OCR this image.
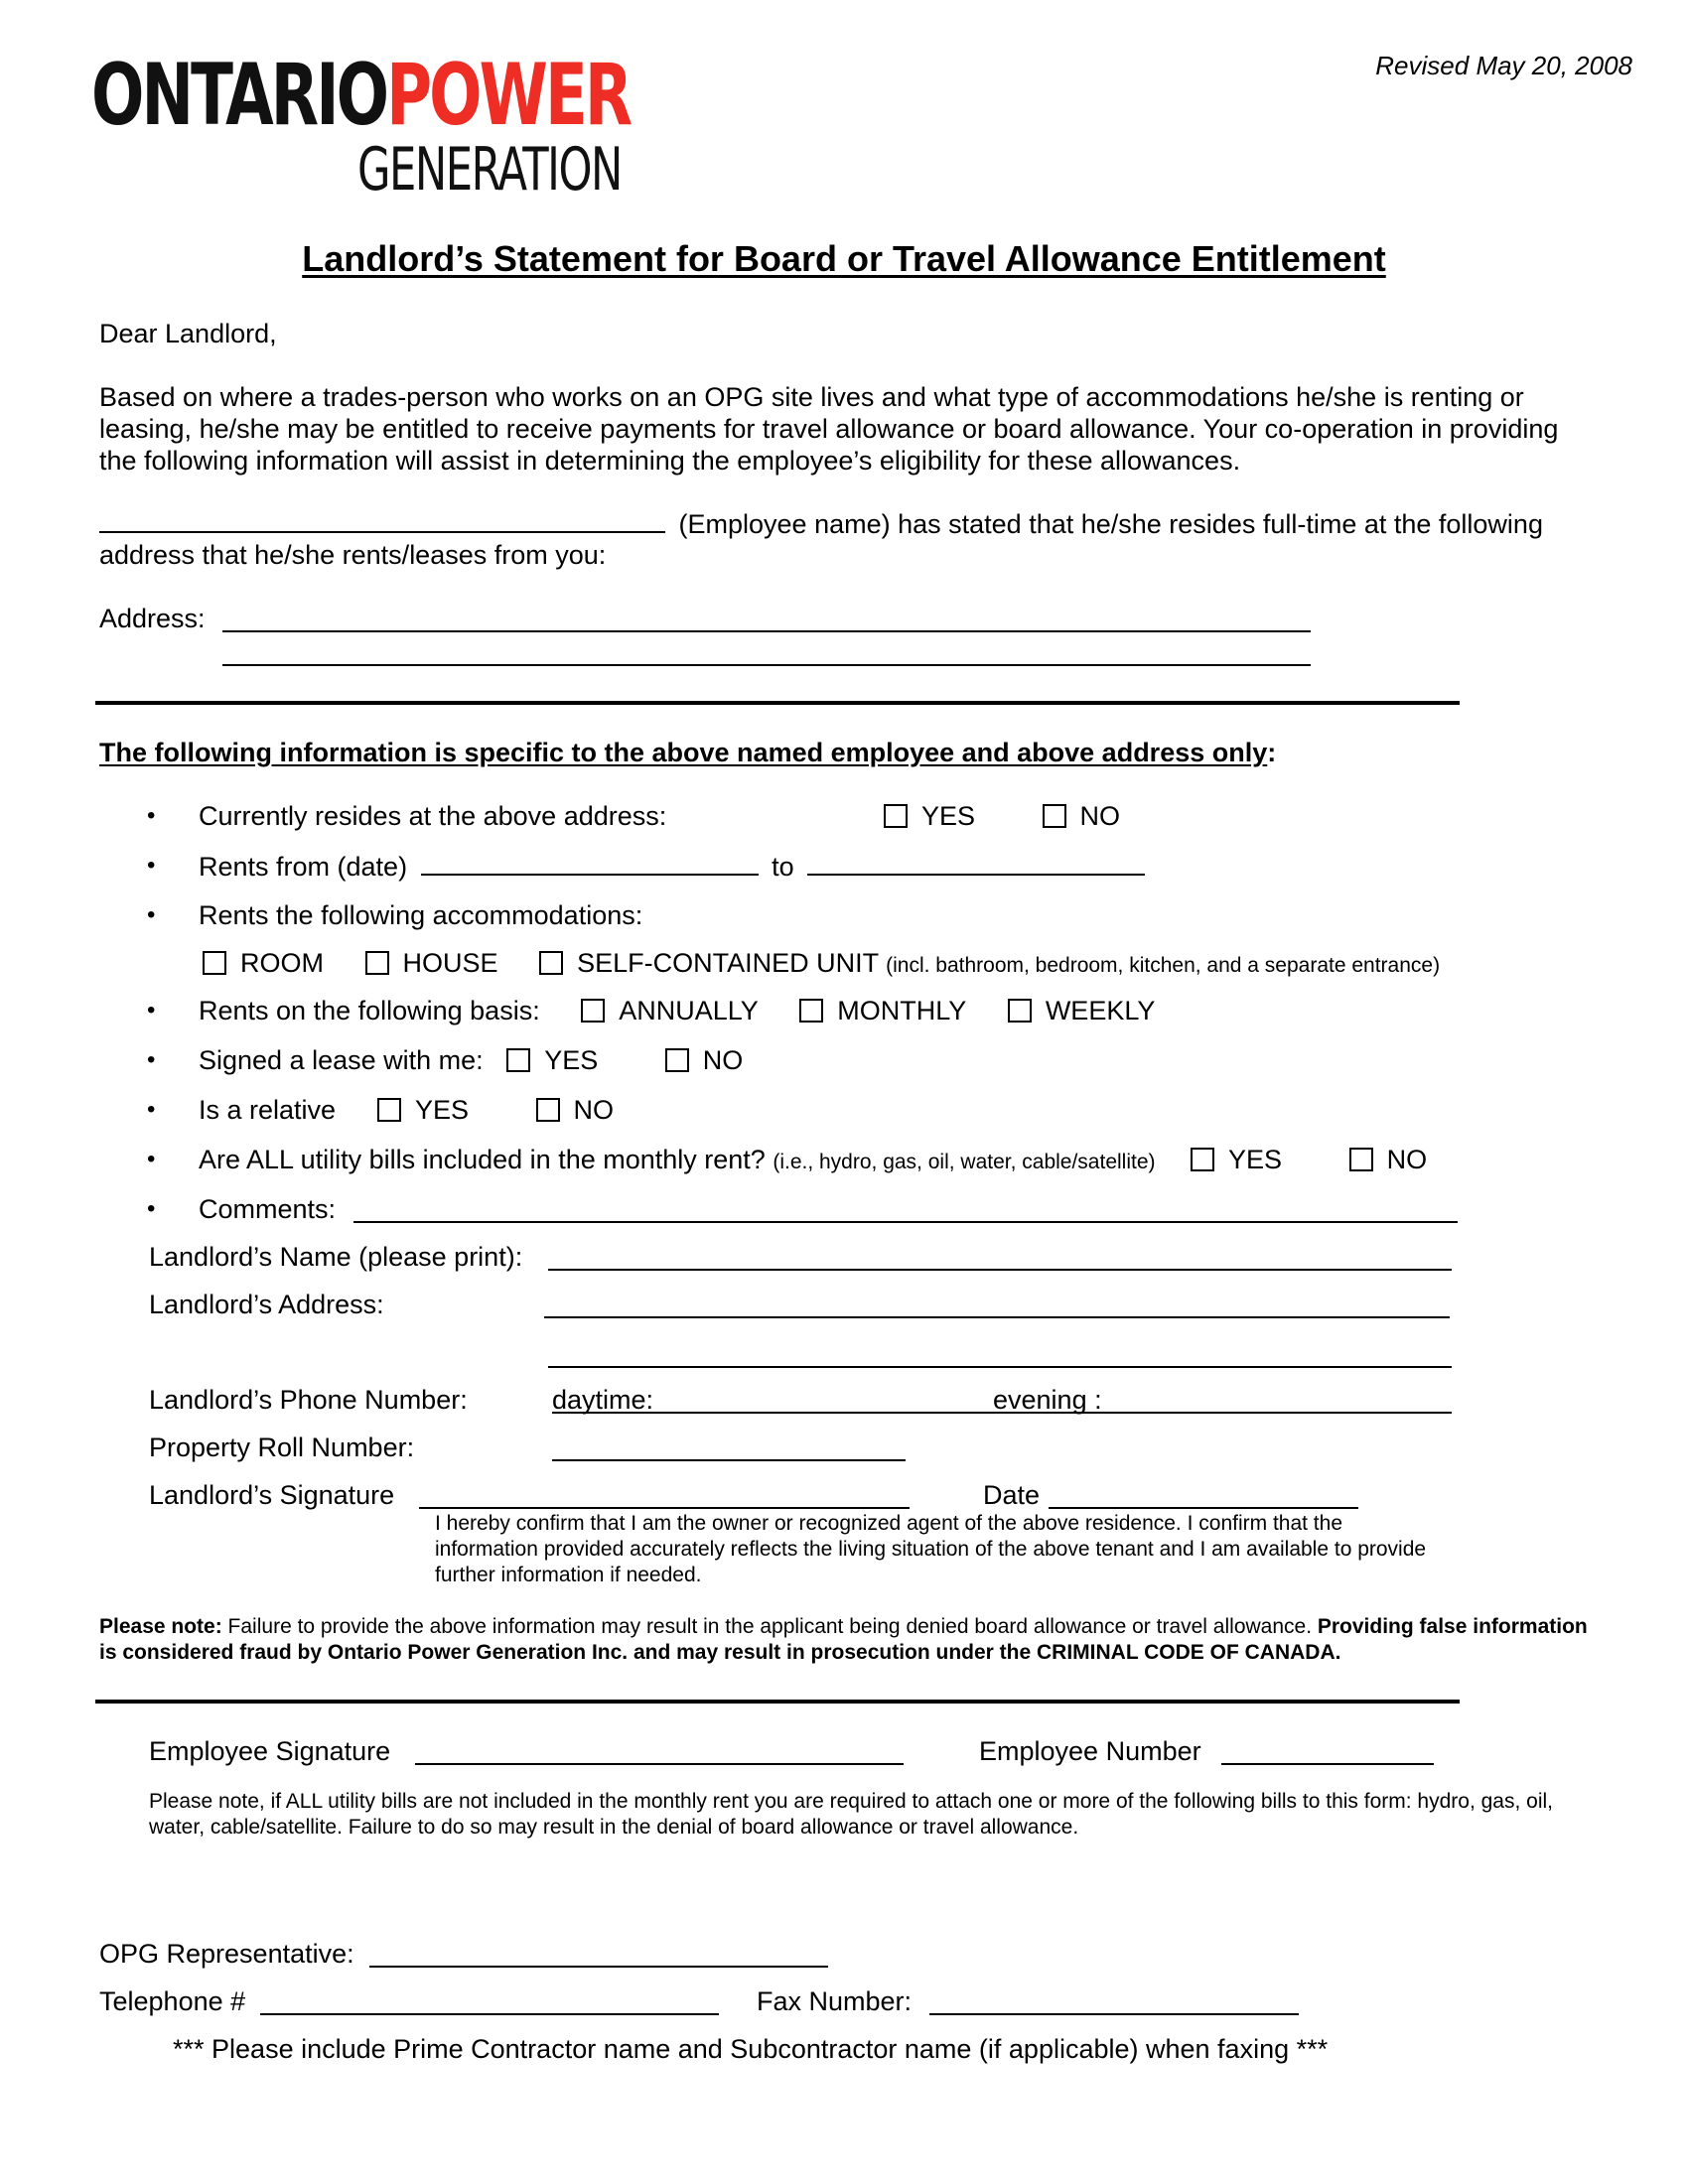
ONTARIOPOWER
GENERATION
Revised May 20, 2008
Landlord’s Statement for Board or Travel Allowance Entitlement
Dear Landlord,
Based on where a trades-person who works on an OPG site lives and what type of accommodations he/she is renting or leasing, he/she may be entitled to receive payments for travel allowance or board allowance. Your co-operation in providing the following information will assist in determining the employee’s eligibility for these allowances.
(Employee name) has stated that he/she resides full-time at the following
address that he/she rents/leases from you:
Address:
The following information is specific to the above named employee and above address only:
• Currently resides at the above address:	YES	NO
• Rents from (date)	to
• Rents the following accommodations:
ROOM	HOUSE	SELF-CONTAINED UNIT (incl. bathroom, bedroom, kitchen, and a separate entrance)
• Rents on the following basis:	ANNUALLY	MONTHLY	WEEKLY
• Signed a lease with me: YES	NO
• Is a relative	YES	NO
• Are ALL utility bills included in the monthly rent? (i.e., hydro, gas, oil, water, cable/satellite)	YES	NO
• Comments:
Landlord’s Name (please print):
Landlord’s Address:
Landlord’s Phone Number:	daytime:	evening :
Property Roll Number:
Landlord’s Signature	Date
I hereby confirm that I am the owner or recognized agent of the above residence. I confirm that the information provided accurately reflects the living situation of the above tenant and I am available to provide further information if needed.
Please note: Failure to provide the above information may result in the applicant being denied board allowance or travel allowance. Providing false information is considered fraud by Ontario Power Generation Inc. and may result in prosecution under the CRIMINAL CODE OF CANADA.
Employee Signature	Employee Number
Please note, if ALL utility bills are not included in the monthly rent you are required to attach one or more of the following bills to this form: hydro, gas, oil, water, cable/satellite. Failure to do so may result in the denial of board allowance or travel allowance.
OPG Representative:
Telephone #	Fax Number:
*** Please include Prime Contractor name and Subcontractor name (if applicable) when faxing ***
